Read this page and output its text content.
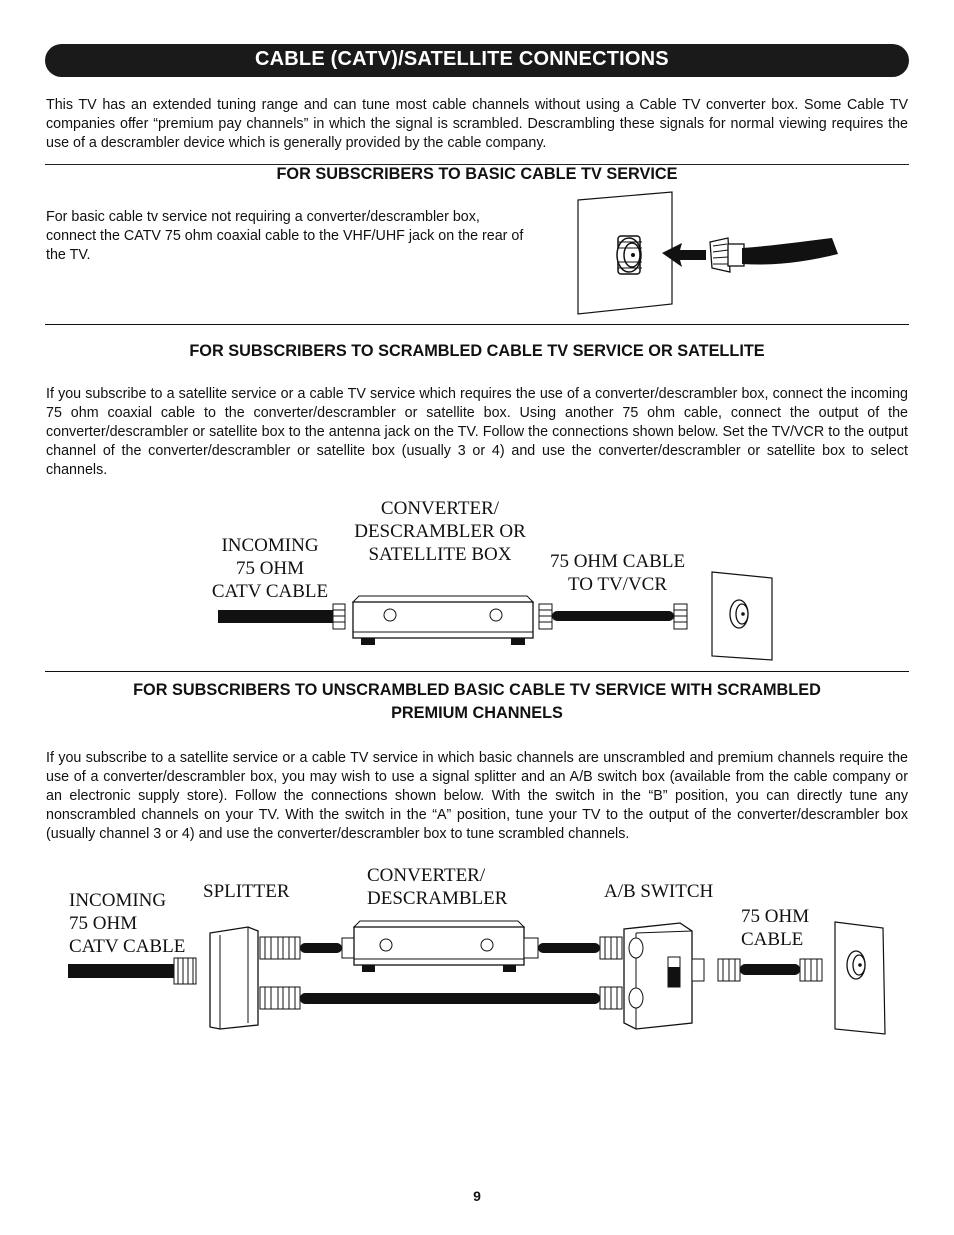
CABLE (CATV)/SATELLITE CONNECTIONS

This TV has an extended tuning range and can tune most cable channels without using a Cable TV converter box. Some Cable TV companies offer “premium pay channels” in which the signal is scrambled. Descrambling these signals for normal viewing requires the use of a descrambler device which is generally provided by the cable company.

FOR SUBSCRIBERS TO BASIC CABLE TV SERVICE

For basic cable tv service not requiring a converter/descrambler box, connect the CATV 75 ohm coaxial cable to the VHF/UHF jack on the rear of the TV.

FOR SUBSCRIBERS TO SCRAMBLED CABLE TV SERVICE OR SATELLITE

If you subscribe to a satellite service or a cable TV service which requires the use of a converter/descrambler box, connect the incoming 75 ohm coaxial cable to the converter/descrambler or satellite box. Using another 75 ohm cable, connect the output of the converter/descrambler or satellite box to the antenna jack on the TV. Follow the connections shown below. Set the TV/VCR to the output channel of the converter/descrambler or satellite box (usually 3 or 4) and use the converter/descrambler or satellite box to select channels.

INCOMING
75 OHM
CATV CABLE
CONVERTER/
DESCRAMBLER OR
SATELLITE BOX	75 OHM CABLE
TO TV/VCR
FOR SUBSCRIBERS TO UNSCRAMBLED BASIC CABLE TV SERVICE WITH SCRAMBLED
PREMIUM CHANNELS

If you subscribe to a satellite service or a cable TV service in which basic channels are unscrambled and premium channels require the use of a converter/descrambler box, you may wish to use a signal splitter and an A/B switch box (available from the cable company or an electronic supply store). Follow the connections shown below. With the switch in the “B” position, you can directly tune any nonscrambled channels on your TV. With the switch in the “A” position, tune your TV to the output of the converter/descrambler box (usually channel 3 or 4) and use the converter/descrambler box to tune scrambled channels.

INCOMING
75 OHM
CATV CABLE
SPLITTER
CONVERTER/
DESCRAMBLER	A/B SWITCH
75 OHM
CABLE
9
